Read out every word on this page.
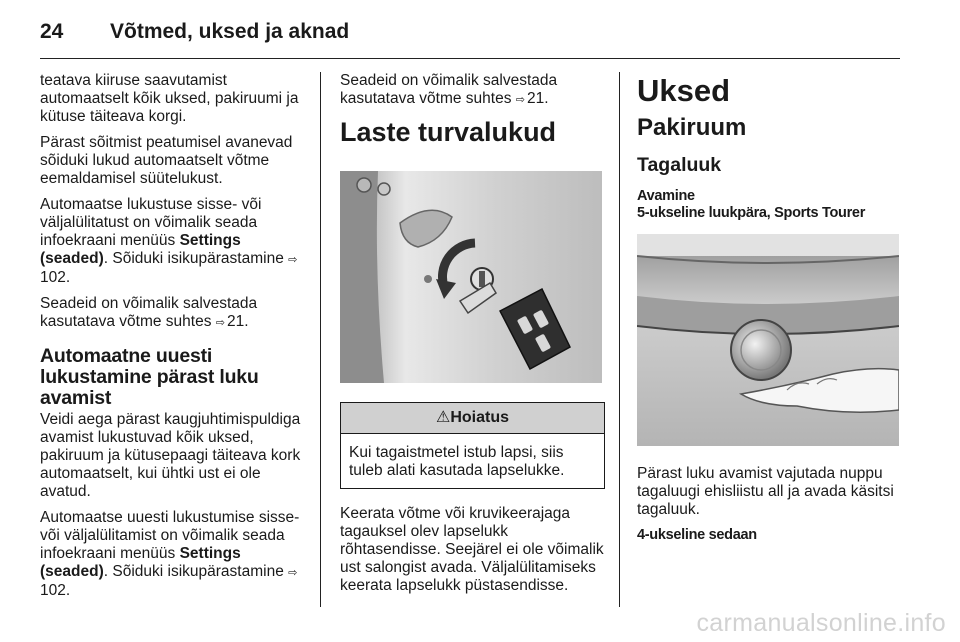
24 Võtmed, uksed ja aknad

teatava kiiruse saavutamist automaatselt kõik uksed, pakiruumi ja kütuse täiteava korgi.

Pärast sõitmist peatumisel avanevad sõiduki lukud automaatselt võtme eemaldamisel süütelukust.

Automaatse lukustuse sisse- või väljalülitatust on võimalik seada infoekraani menüüs Settings (seaded). Sõiduki isikupärastamine ⇨102.

Seadeid on võimalik salvestada kasutatava võtme suhtes ⇨ 21.

Automaatne uuesti lukustamine pärast luku avamist

Veidi aega pärast kaugjuhtimispuldiga avamist lukustuvad kõik uksed, pakiruum ja kütusepaagi täiteava kork automaatselt, kui ühtki ust ei ole avatud.

Automaatse uuesti lukustumise sisse- või väljalülitamist on võimalik seada infoekraani menüüs Settings (seaded). Sõiduki isikupärastamine ⇨102.

Seadeid on võimalik salvestada kasutatava võtme suhtes ⇨ 21.

Laste turvalukud
⚠Hoiatus
Kui tagaistmetel istub lapsi, siis tuleb alati kasutada lapselukke.

Keerata võtme või kruvikeerajaga tagauksel olev lapselukk rõhtasendisse. Seejärel ei ole võimalik ust salongist avada. Väljalülitamiseks keerata lapselukk püstasendisse.

Uksed
Pakiruum
Tagaluuk
Avamine
5-ukseline luukpära, Sports Tourer

Pärast luku avamist vajutada nuppu tagaluugi ehisliistu all ja avada käsitsi tagaluuk.

4-ukseline sedaan
carmanualsonline.info
